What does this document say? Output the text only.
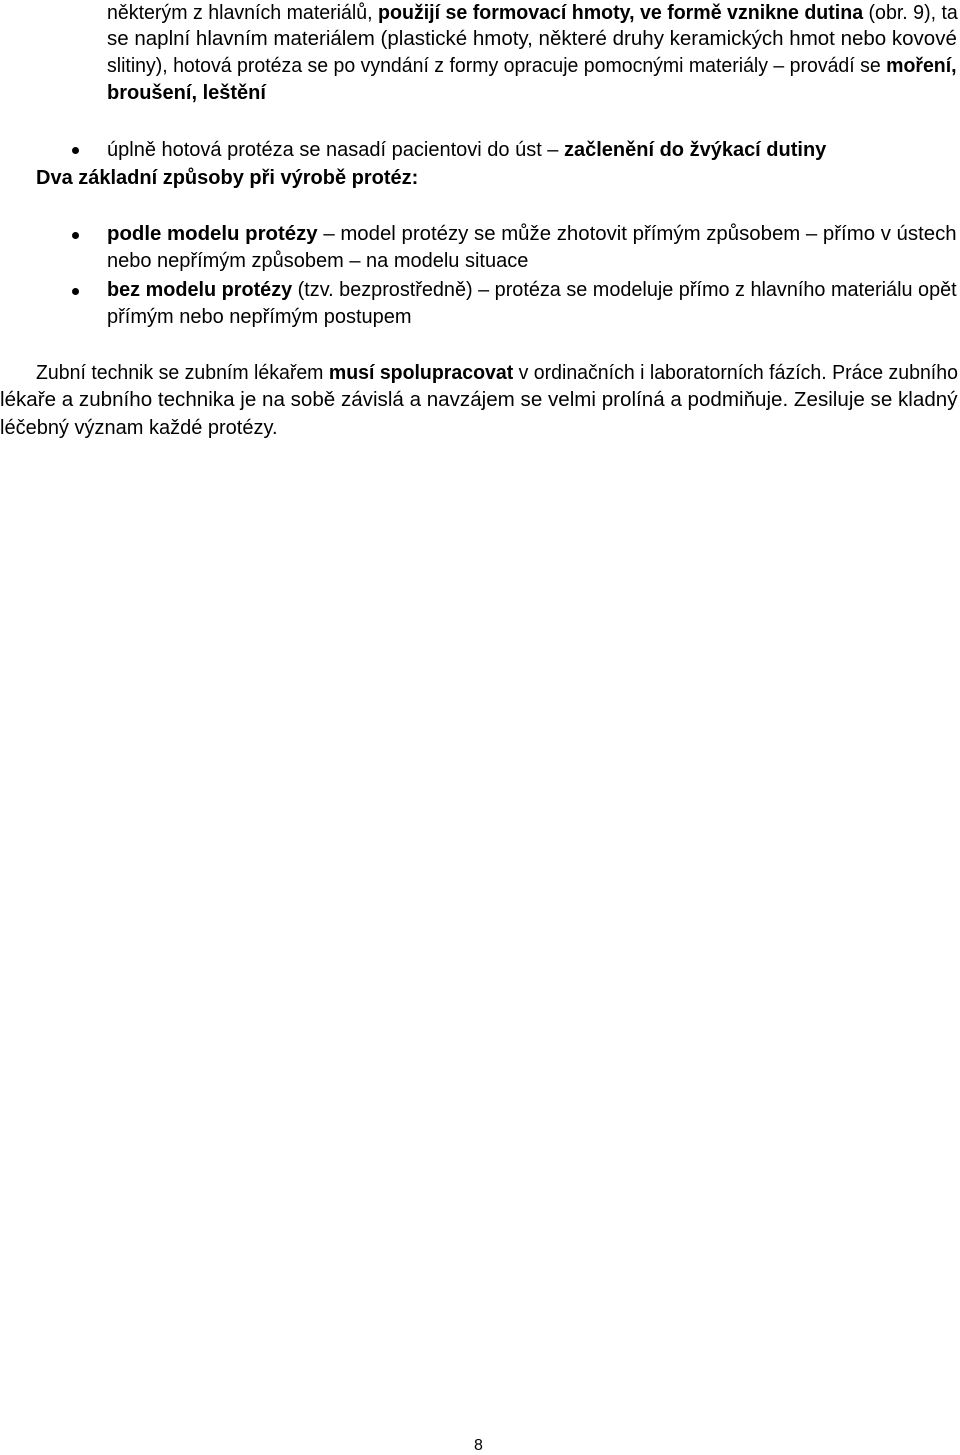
některým z hlavních materiálů, použijí se formovací hmoty, ve formě vznikne dutina (obr. 9), ta
se naplní hlavním materiálem (plastické hmoty, některé druhy keramických hmot nebo kovové
slitiny), hotová protéza se po vyndání z formy opracuje pomocnými materiály – provádí se moření,
broušení, leštění
úplně hotová protéza se nasadí pacientovi do úst – začlenění do žvýkací dutiny
Dva základní způsoby při výrobě protéz:
podle modelu protézy – model protézy se může zhotovit přímým způsobem – přímo v ústech
nebo nepřímým způsobem – na modelu situace
bez modelu protézy (tzv. bezprostředně) – protéza se modeluje přímo z hlavního materiálu opět
přímým nebo nepřímým postupem
Zubní technik se zubním lékařem musí spolupracovat v ordinačních i laboratorních fázích. Práce zubního
lékaře a zubního technika je na sobě závislá a navzájem se velmi prolíná a podmiňuje. Zesiluje se kladný
léčebný význam každé protézy.
8
